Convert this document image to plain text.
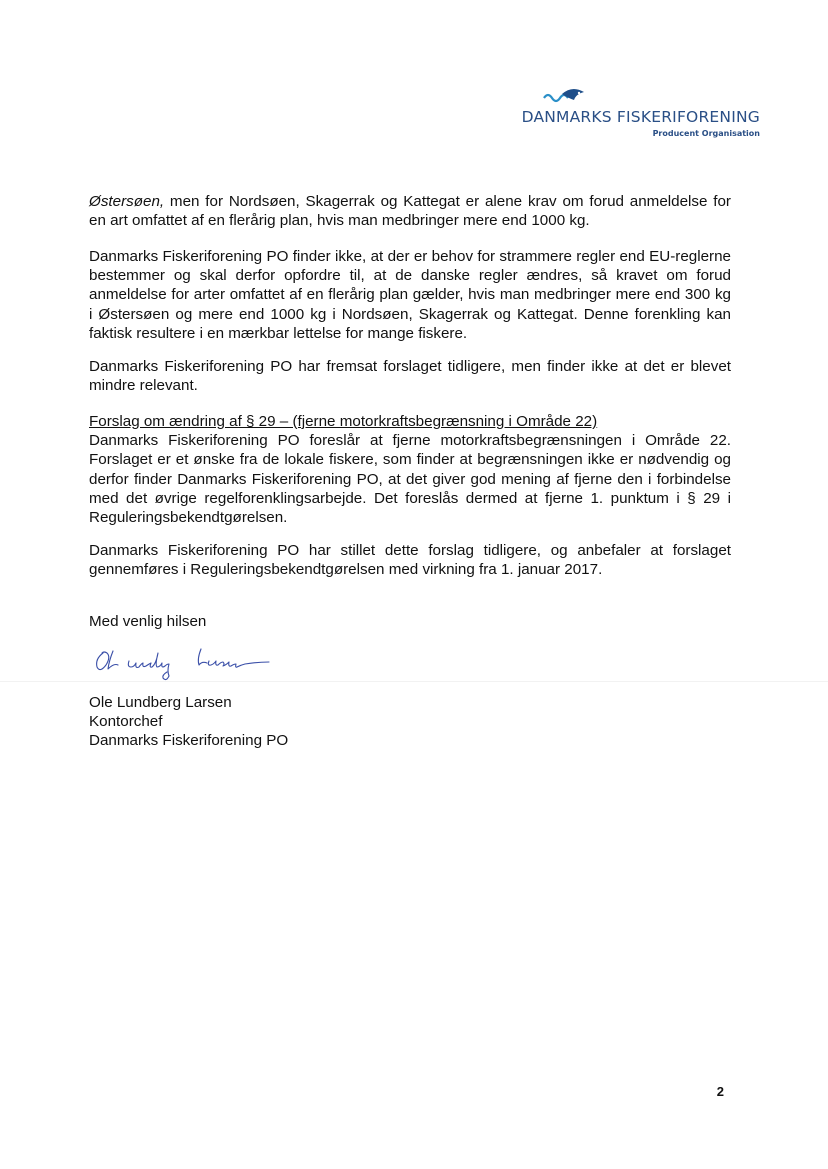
DANMARKS FISKERIFORENING
Producent Organisation

Østersøen, men for Nordsøen, Skagerrak og Kattegat er alene krav om forud anmeldelse for en art omfattet af en flerårig plan, hvis man medbringer mere end 1000 kg.

Danmarks Fiskeriforening PO finder ikke, at der er behov for strammere regler end EU-reglerne bestemmer og skal derfor opfordre til, at de danske regler ændres, så kravet om forud anmeldelse for arter omfattet af en flerårig plan gælder, hvis man medbringer mere end 300 kg i Østersøen og mere end 1000 kg i Nordsøen, Skagerrak og Kattegat. Denne forenkling kan faktisk resultere i en mærkbar lettelse for mange fiskere.

Danmarks Fiskeriforening PO har fremsat forslaget tidligere, men finder ikke at det er blevet mindre relevant.

Forslag om ændring af § 29 – (fjerne motorkraftsbegrænsning i Område 22)

Danmarks Fiskeriforening PO foreslår at fjerne motorkraftsbegrænsningen i Område 22. Forslaget er et ønske fra de lokale fiskere, som finder at begrænsningen ikke er nødvendig og derfor finder Danmarks Fiskeriforening PO, at det giver god mening af fjerne den i forbindelse med det øvrige regelforenklingsarbejde. Det foreslås dermed at fjerne 1. punktum i § 29 i Reguleringsbekendtgørelsen.

Danmarks Fiskeriforening PO har stillet dette forslag tidligere, og anbefaler at forslaget gennemføres i Reguleringsbekendtgørelsen med virkning fra 1. januar 2017.

Med venlig hilsen
Ole Lundberg Larsen
Kontorchef
Danmarks Fiskeriforening PO
2
